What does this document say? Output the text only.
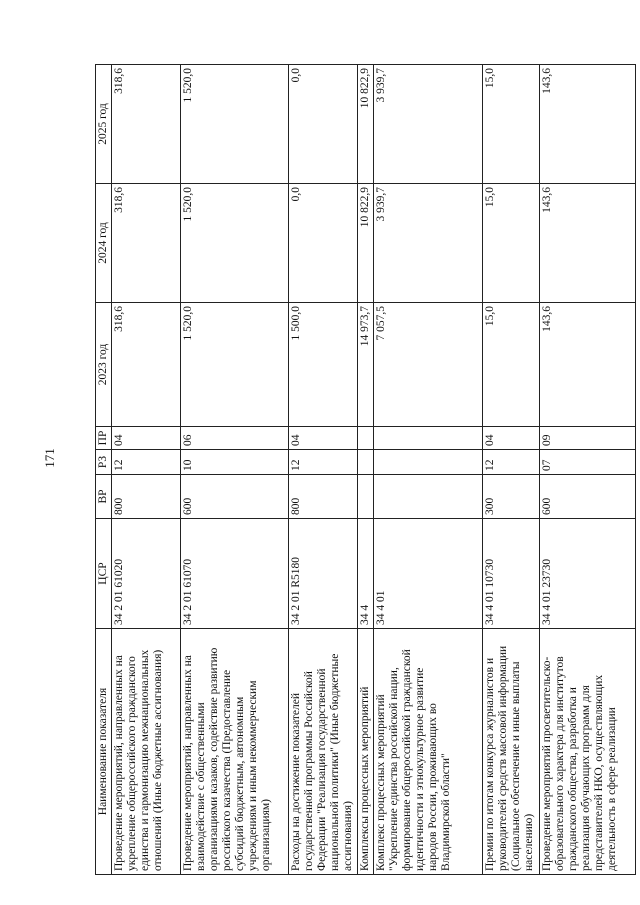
171
Наименование показателя	ЦСР	ВР	РЗ	ПР	2023 год	2024 год	2025 год
Проведение мероприятий, направленных на укрепление общероссийского гражданского единства и гармонизацию межнациональных отношений (Иные бюджетные ассигнования)	34 2 01 61020	800	12	04	318,6	318,6	318,6
Проведение мероприятий, направленных на взаимодействие с общественными организациями казаков, содействие развитию российского казачества (Предоставление субсидий бюджетным, автономным учреждениям и иным некоммерческим организациям)	34 2 01 61070	600	10	06	1 520,0	1 520,0	1 520,0
Расходы на достижение показателей государственной программы Российской Федерации "Реализация государственной национальной политики" (Иные бюджетные ассигнования)	34 2 01 R5180	800	12	04	1 500,0	0,0	0,0
Комплексы процессных мероприятий	34 4				14 973,7	10 822,9	10 822,9
Комплекс процессных мероприятий "Укрепление единства российской нации, формирование общероссийской гражданской идентичности и этнокультурное развитие народов России, проживающих во Владимирской области"	34 4 01				7 057,5	3 939,7	3 939,7
Премии по итогам конкурса журналистов и руководителей средств массовой информации (Социальное обеспечение и иные выплаты населению)	34 4 01 10730	300	12	04	15,0	15,0	15,0
Проведение мероприятий просветительско-образовательного характера для институтов гражданского общества, разработка и реализация обучающих программ для представителей НКО, осуществляющих деятельность в сфере реализации	34 4 01 23730	600	07	09	143,6	143,6	143,6
